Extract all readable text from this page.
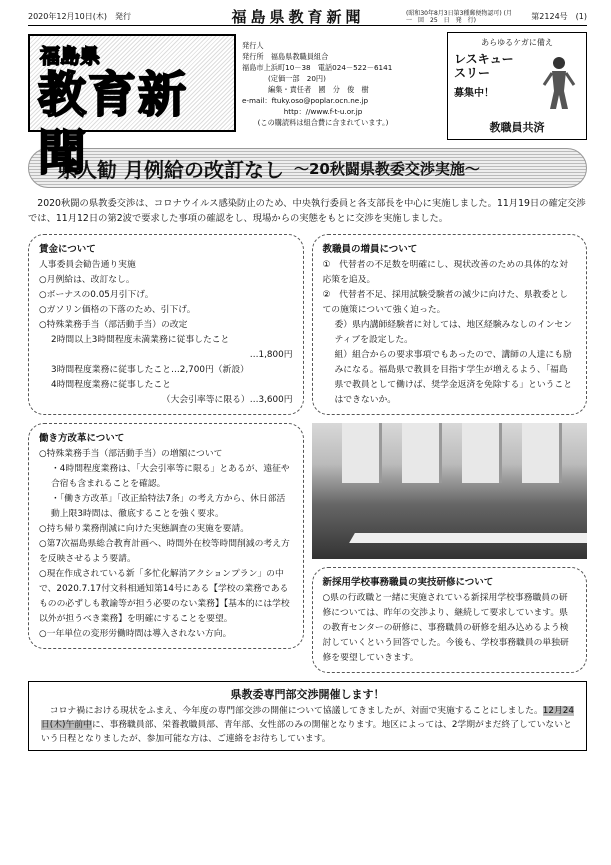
2020年12月10日(木)　発行	福島県教育新聞	(昭和30年8月3日第3種郵便物認可) (月　一　回　25　日　発　行)	第2124号　(1)
福島県
教育新聞
発行人
発行所　 福島県教職員組合
福島市上浜町10－38　電話024－522－6141
(定価一部　20円)
編集・責任者　國　分　俊　樹
e-mail：ftuky.oso@poplar.ocn.ne.jp
http：//www.f-t-u.or.jp
(この購読料は組合費に含まれています。)
あらゆるケガに備え
レスキュー
スリー
募集中！
教職員共済
県人勧 月例給の改訂なし ～20秋闘県教委交渉実施～

2020秋闘の県教委交渉は、コロナウイルス感染防止のため、中央執行委員と各支部長を中心に実施しました。11月19日の確定交渉では、11月12日の第2波で要求した事項の確認をし、現場からの実態をもとに交渉を実施しました。

賃金について

人事委員会勧告通り実施

○月例給は、改訂なし。

○ボーナスの0.05月引下げ。

○ガソリン価格の下落のため、引下げ。

○特殊業務手当（部活動手当）の改定

2時間以上3時間程度未満業務に従事したこと

…1,800円

3時間程度業務に従事したこと…2,700円（新設）

4時間程度業務に従事したこと

（大会引率等に限る）…3,600円

働き方改革について

○特殊業務手当（部活動手当）の増額について

・4時間程度業務は、「大会引率等に限る」とあるが、遠征や合宿も含まれることを確認。

・「働き方改革」「改正給特法7条」の考え方から、休日部活動上限3時間は、徹底することを強く要求。

○持ち帰り業務削減に向けた実態調査の実施を要請。

○第7次福島県総合教育計画へ、時間外在校等時間削減の考え方を反映させるよう要請。

○現在作成されている新「多忙化解消アクションプラン」の中で、2020.7.17付文科相通知第14号にある【学校の業務であるものの必ずしも教諭等が担う必要のない業務】【基本的には学校以外が担うべき業務】を明確にすることを要望。

○一年単位の変形労働時間は導入されない方向。

教職員の増員について

①　代替者の不足数を明確にし、現状改善のための具体的な対応策を追及。

②　代替者不足、採用試験受験者の減少に向けた、県教委としての施策について強く迫った。

委）県内講師経験者に対しては、地区経験みなしのインセンティブを設定した。

組）組合からの要求事項でもあったので、講師の人達にも励みになる。福島県で教員を目指す学生が増えるよう、「福島県で教員として働けば、奨学金返済を免除する」ということはできないか。

新採用学校事務職員の実技研修について

○県の行政職と一緒に実施されている新採用学校事務職員の研修については、昨年の交渉より、継続して要求しています。県の教育センターの研修に、事務職員の研修を組み込めるよう検討していくという回答でした。今後も、学校事務職員の単独研修を要望していきます。

県教委専門部交渉開催します！

コロナ禍における現状をふまえ、今年度の専門部交渉の開催について協議してきましたが、対面で実施することにしました。12月24日(木)午前中に、事務職員部、栄養教職員部、青年部、女性部のみの開催となります。地区によっては、2学期がまだ終了していないという日程となりましたが、参加可能な方は、ご連絡をお待ちしています。
